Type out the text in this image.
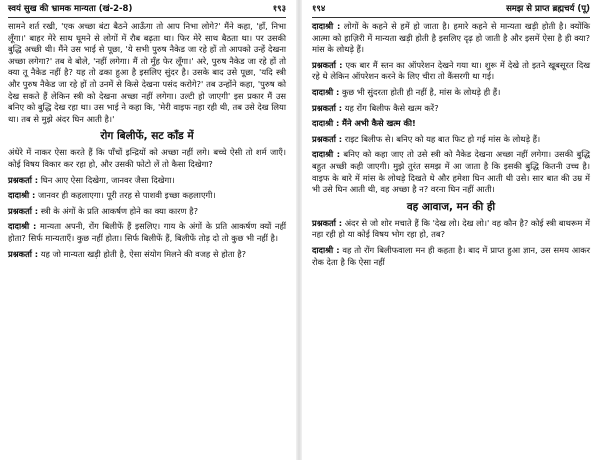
स्वयं सुख की भ्रामक मान्यता (खं-2-8)	१९३

सामने शर्त रखी, 'एक अच्छा बंटा बैठने आऊँगा तो आप निभा लोगे?' मैंने कहा, 'हाँ, निभा लूँगा।' बाहर मेरे साथ घूमने से लोगों में रौब बढ़ता था। फिर मेरे साथ बैठता था। पर उसकी बुद्धि अच्छी थी। मैंने उस भाई से पूछा, 'ये सभी पुरुष नैकेड जा रहे हों तो आपको उन्हें देखना अच्छा लगेगा?' तब वे बोले, 'नहीं लगेगा। मैं तो मुँह फेर लूँगा।' अरे, पुरुष नैकेड जा रहे हों तो क्या तू नैकेड नहीं है? यह तो ढका हुआ है इसलिए सुंदर है। उसके बाद उसे पूछा, 'यदि स्त्री और पुरुष नैकेड जा रहे हों तो उनमें से किसे देखना पसंद करोगे?' तब उन्होंने कहा, 'पुरुष को देख सकते हैं लेकिन स्त्री को देखना अच्छा नहीं लगेगा। उल्टी हो जाएगी' इस प्रकार मैं उस बनिए को बुद्धि देख रहा था। उस भाई ने कहा कि, 'मेरी वाइफ नहा रही थी, तब उसे देख लिया था। तब से मुझे अंदर घिन आती है।'

रोग बिलीफें, सट काँड में

अंधेरे में नाकर ऐसा करते हैं कि पाँचों इन्द्रियों को अच्छा नहीं लगे। बच्चे ऐसी तो शर्म जाएँ। कोई विषय विकार कर रहा हो, और उसकी फोटो लें तो कैसा दिखेगा?

प्रश्नकर्ता : घिन आए ऐसा दिखेगा, जानवर जैसा दिखेगा।

दादाश्री : जानवर ही कहलाएगा। पूरी तरह से पाशवी इच्छा कहलाएगी।

प्रश्नकर्ता : स्त्री के अंगों के प्रति आकर्षण होने का क्या कारण है?

दादाश्री : मान्यता अपनी, रोंग बिलीफें हैं इसलिए। गाय के अंगों के प्रति आकर्षण क्यों नहीं होता? सिर्फ मान्यताएँ। कुछ नहीं होता। सिर्फ बिलीफें हैं, बिलीफें तोड़ दो तो कुछ भी नहीं है।

प्रश्नकर्ता : यह जो मान्यता खड़ी होती है, ऐसा संयोग मिलने की वजह से होता है?

१९४	समझ से प्राप्त ब्रह्मचर्य (पू)

दादाश्री : लोगों के कहने से हमें हो जाता है। हमारे कहने से मान्यता खड़ी होती है। क्योंकि आत्मा को हाज़िरी में मान्यता खड़ी होती है इसलिए दृढ़ हो जाती है और इसमें ऐसा है ही क्या? मांस के लोथड़े हैं।

प्रश्नकर्ता : एक बार मैं स्तन का ऑपरेशन देखने गया था। शुरू में देखे तो इतने खूबसूरत दिख रहे थे लेकिन ऑपरेशन करने के लिए चीरा तो कैंसरगी था गई।

दादाश्री : कुछ भी सुंदरता होती ही नहीं है, मांस के लोथड़े ही हैं।

प्रश्नकर्ता : यह रोंग बिलीफ कैसे खत्म करें?

दादाश्री : मैंने अभी कैसे खत्म की!

प्रश्नकर्ता : राइट बिलीफ से। बनिए को यह बात फिट हो गई मांस के लोथड़े हैं।

दादाश्री : बनिए को कहा जाए तो उसे स्त्री को नैकेड देखना अच्छा नहीं लगेगा। उसकी बुद्धि बहुत अच्छी कही जाएगी। मुझे तुरंत समझ में आ जाता है कि इसकी बुद्धि कितनी उच्च है। वाइफ के बारे में मांस के लोथड़े दिखते थे और हमेशा घिन आती थी उसे। सार बात की उम्र में भी उसे घिन आती थी, वह अच्छा है न? वरना घिन नहीं आती।

वह आवाज, मन की ही

प्रश्नकर्ता : अंदर से जो शोर मचाते हैं कि 'देख लो। देख लो।' वह कौन है? कोई स्त्री बाथरूम में नहा रही हो या कोई विषय भोग रहा हो, तब?

दादाश्री : वह तो रोंग बिलीफवाला मन ही कहता है। बाद में प्राप्त हुआ ज्ञान, उस समय आकर रोक देता है कि ऐसा नहीं
